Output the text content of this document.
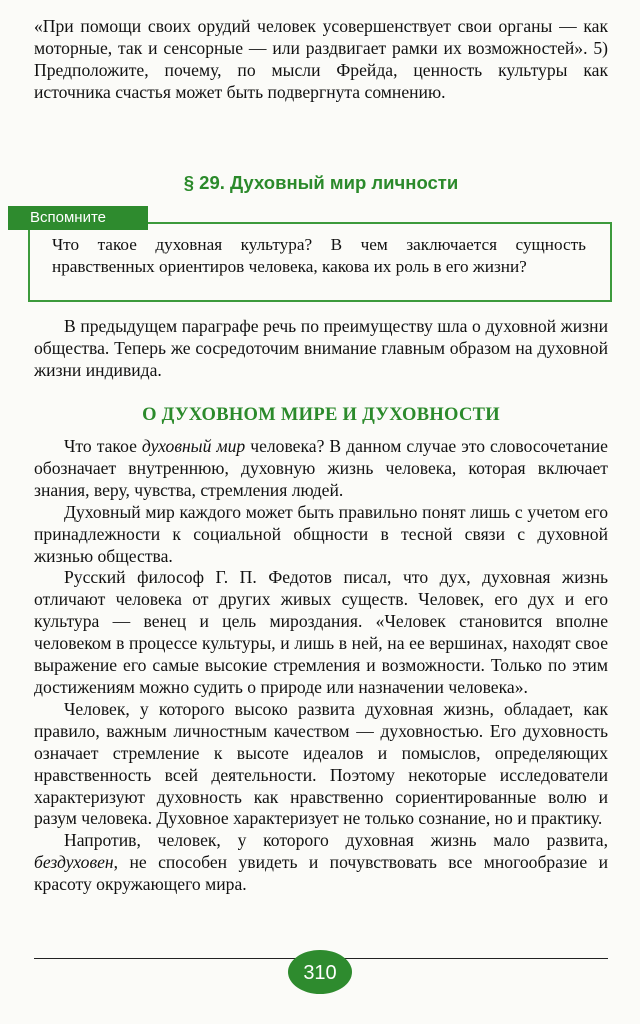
«При помощи своих орудий человек усовершенствует свои органы — как моторные, так и сенсорные — или раздвигает рамки их возможностей». 5) Предположите, почему, по мысли Фрейда, ценность культуры как источника счастья может быть подвергнута сомнению.

§ 29. Духовный мир личности
Вспомните

Что такое духовная культура? В чем заключается сущность нравственных ориентиров человека, какова их роль в его жизни?

В предыдущем параграфе речь по преимуществу шла о духовной жизни общества. Теперь же сосредоточим внимание главным образом на духовной жизни индивида.

О ДУХОВНОМ МИРЕ И ДУХОВНОСТИ

Что такое духовный мир человека? В данном случае это словосочетание обозначает внутреннюю, духовную жизнь человека, которая включает знания, веру, чувства, стремления людей.

Духовный мир каждого может быть правильно понят лишь с учетом его принадлежности к социальной общности в тесной связи с духовной жизнью общества.

Русский философ Г. П. Федотов писал, что дух, духовная жизнь отличают человека от других живых существ. Человек, его дух и его культура — венец и цель мироздания. «Человек становится вполне человеком в процессе культуры, и лишь в ней, на ее вершинах, находят свое выражение его самые высокие стремления и возможности. Только по этим достижениям можно судить о природе или назначении человека».

Человек, у которого высоко развита духовная жизнь, обладает, как правило, важным личностным качеством — духовностью. Его духовность означает стремление к высоте идеалов и помыслов, определяющих нравственность всей деятельности. Поэтому некоторые исследователи характеризуют духовность как нравственно сориентированные волю и разум человека. Духовное характеризует не только сознание, но и практику.

Напротив, человек, у которого духовная жизнь мало развита, бездуховен, не способен увидеть и почувствовать все многообразие и красоту окружающего мира.

310
